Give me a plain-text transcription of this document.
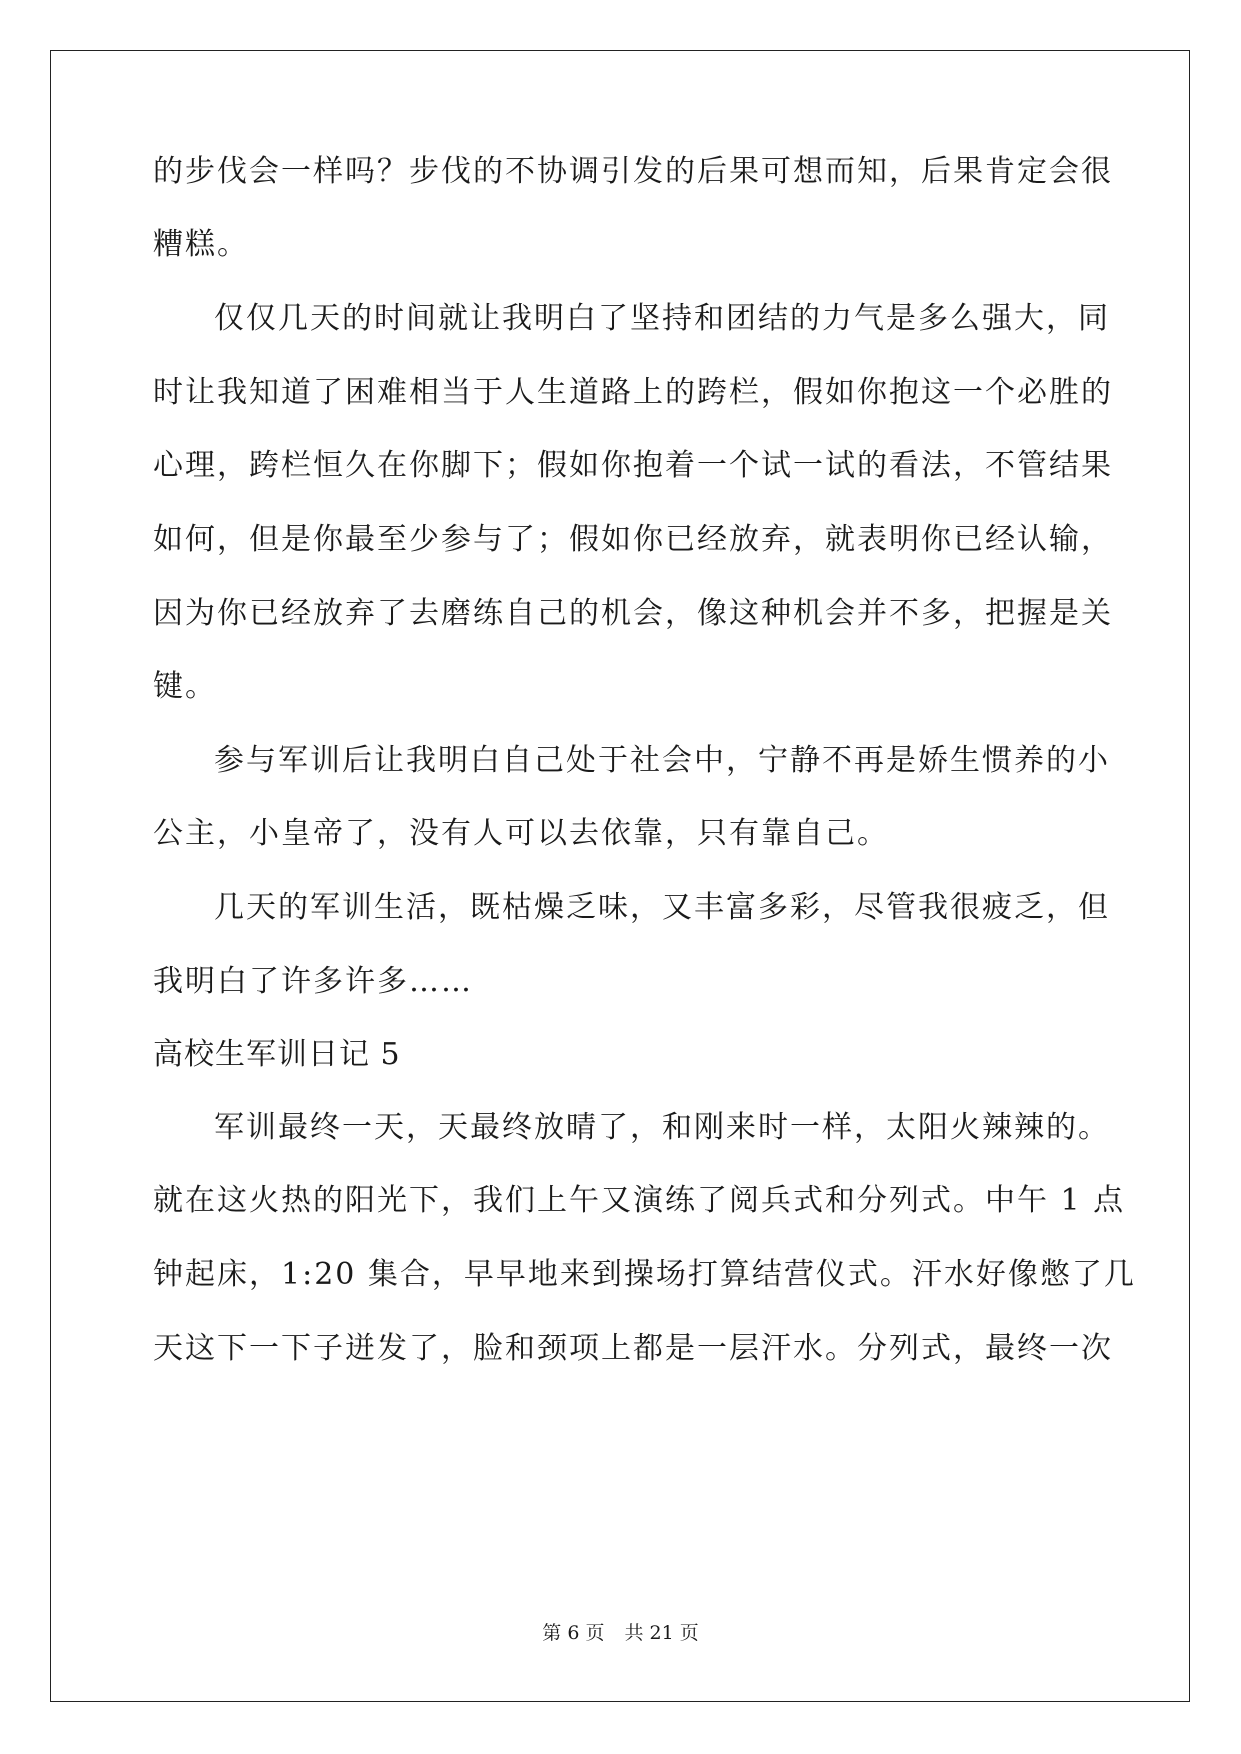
的步伐会一样吗？步伐的不协调引发的后果可想而知，后果肯定会很
糟糕。
仅仅几天的时间就让我明白了坚持和团结的力气是多么强大，同
时让我知道了困难相当于人生道路上的跨栏，假如你抱这一个必胜的
心理，跨栏恒久在你脚下；假如你抱着一个试一试的看法，不管结果
如何，但是你最至少参与了；假如你已经放弃，就表明你已经认输，
因为你已经放弃了去磨练自己的机会，像这种机会并不多，把握是关
键。
参与军训后让我明白自己处于社会中，宁静不再是娇生惯养的小
公主，小皇帝了，没有人可以去依靠，只有靠自己。
几天的军训生活，既枯燥乏味，又丰富多彩，尽管我很疲乏，但
我明白了许多许多……
高校生军训日记 5
军训最终一天，天最终放晴了，和刚来时一样，太阳火辣辣的。
就在这火热的阳光下，我们上午又演练了阅兵式和分列式。中午 1 点
钟起床，1:20 集合，早早地来到操场打算结营仪式。汗水好像憋了几
天这下一下子迸发了，脸和颈项上都是一层汗水。分列式，最终一次
第 6 页 共 21 页
